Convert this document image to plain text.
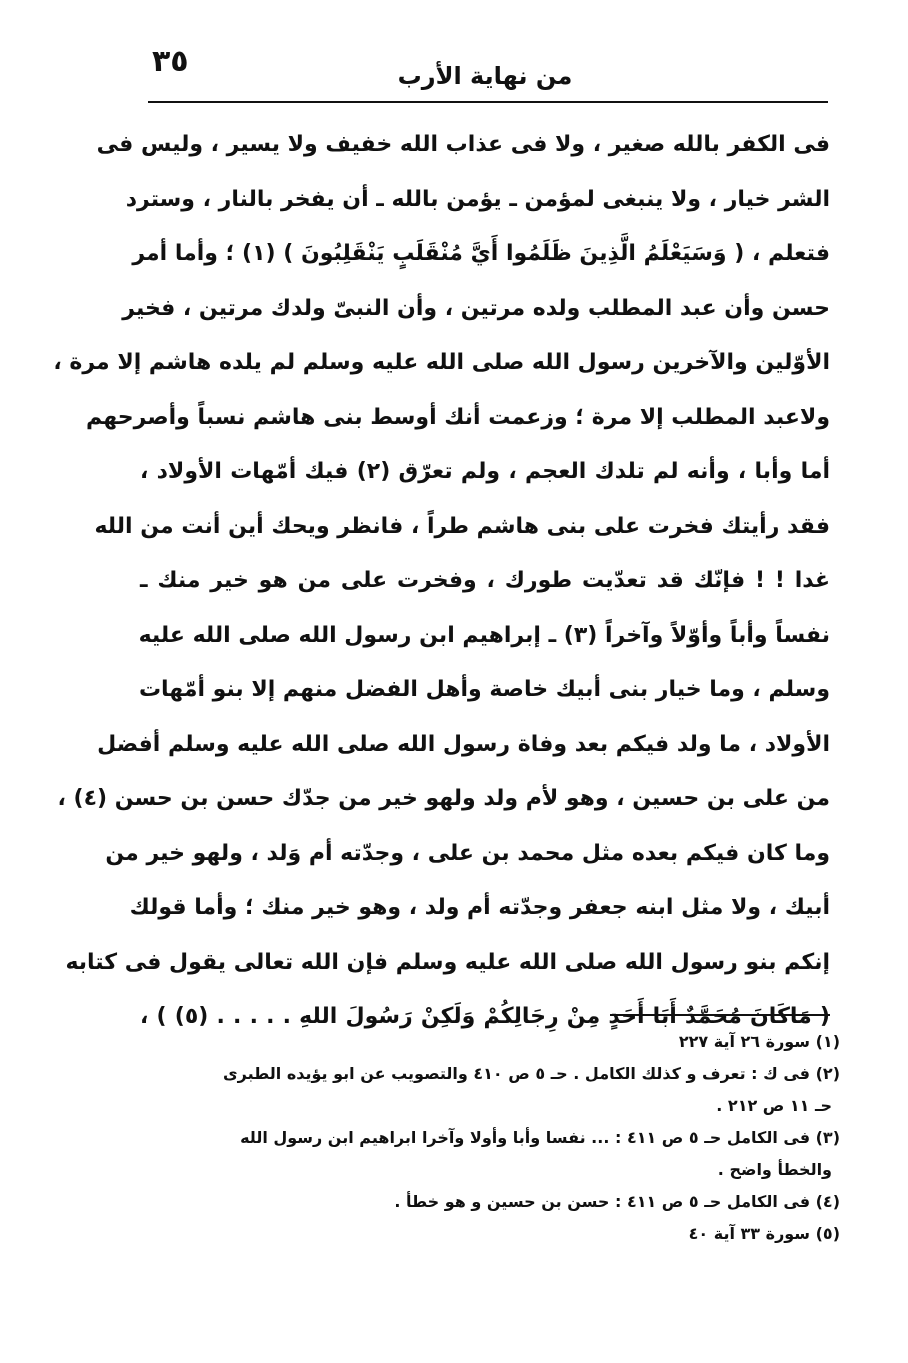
٣٥	من نهاية الأرب
فى الكفر بالله صغير ، ولا فى عذاب الله خفيف ولا يسير ، وليس فى
الشر خيار ، ولا ينبغى لمؤمن ـ يؤمن بالله ـ أن يفخر بالنار ، وسترد
فتعلم ، ( وَسَيَعْلَمُ الَّذِينَ ظَلَمُوا أَيَّ مُنْقَلَبٍ يَنْقَلِبُونَ ) (١) ؛ وأما أمر
حسن وأن عبد المطلب ولده مرتين ، وأن النبىّ ولدك مرتين ، فخير
الأوّلين والآخرين رسول الله صلى الله عليه وسلم لم يلده هاشم إلا مرة ،
ولاعبد المطلب إلا مرة ؛ وزعمت أنك أوسط بنى هاشم نسباً وأصرحهم
أما وأبا ، وأنه لم تلدك العجم ، ولم تعرّق (٢) فيك أمّهات الأولاد ،
فقد رأيتك فخرت على بنى هاشم طراً ، فانظر ويحك أين أنت من الله
غدا ! ! فإنّك قد تعدّيت طورك ، وفخرت على من هو خير منك ـ
نفساً وأباً وأوّلاً وآخراً (٣) ـ إبراهيم ابن رسول الله صلى الله عليه
وسلم ، وما خيار بنى أبيك خاصة وأهل الفضل منهم إلا بنو أمّهات
الأولاد ، ما ولد فيكم بعد وفاة رسول الله صلى الله عليه وسلم أفضل
من على بن حسين ، وهو لأم ولد ولهو خير من جدّك حسن بن حسن (٤) ،
وما كان فيكم بعده مثل محمد بن على ، وجدّته أم وَلد ، ولهو خير من
أبيك ، ولا مثل ابنه جعفر وجدّته أم ولد ، وهو خير منك ؛ وأما قولك
إنكم بنو رسول الله صلى الله عليه وسلم فإن الله تعالى يقول فى كتابه
( مَاكَانَ مُحَمَّدٌ أَبَا أَحَدٍ مِنْ رِجَالِكُمْ وَلَكِنْ رَسُولَ اللهِ . . . . . (٥) ) ،
(١) سورة ٢٦ آية ٢٢٧
(٢) فى ك : تعرف و كذلك الكامل . حـ ٥ ص ٤١٠ والتصويب عن ابو يؤيده الطبرى
حـ ١١ ص ٢١٢ .
(٣) فى الكامل حـ ٥ ص ٤١١ : ... نفسا وأبا وأولا وآخرا ابراهيم ابن رسول الله
والخطأ واضح .
(٤) فى الكامل حـ ٥ ص ٤١١ : حسن بن حسين و هو خطأ .
(٥) سورة ٣٣ آية ٤٠
